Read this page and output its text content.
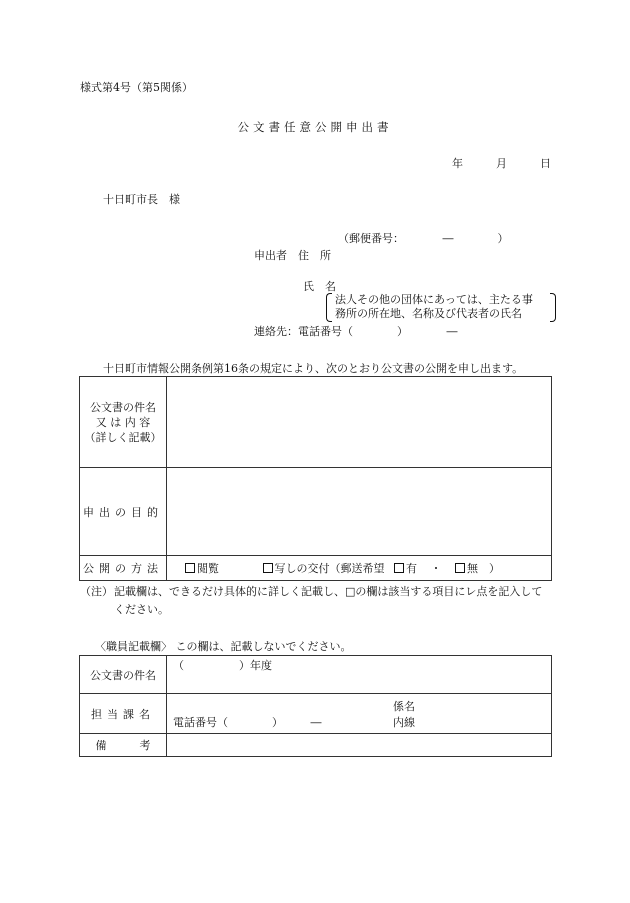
様式第4号（第5関係）
公文書任意公開申出書
年	月	日
十日町市長　様
（郵便番号：　　　　―　　　　）
申出者　住　所
氏　名
法人その他の団体にあっては、主たる事
務所の所在地、名称及び代表者の氏名
連絡先：電話番号（　　　　）　　　　―
十日町市情報公開条例第16条の規定により、次のとおり公文書の公開を申し出ます。
公文書の件名
又 は 内 容
（詳しく記載）	

申出の目的	
公開の方法	閲覧 写しの交付（郵送希望 有 ・ 無　）
（注） 記載欄は、できるだけ具体的に詳しく記載し、□の欄は該当する項目にレ点を記入してください。
〈職員記載欄〉 この欄は、記載しないでください。
公文書の件名	（　　　　　）年度

担当課名	係名
電話番号（　　　　）　　　― 内線

備　　　考	
